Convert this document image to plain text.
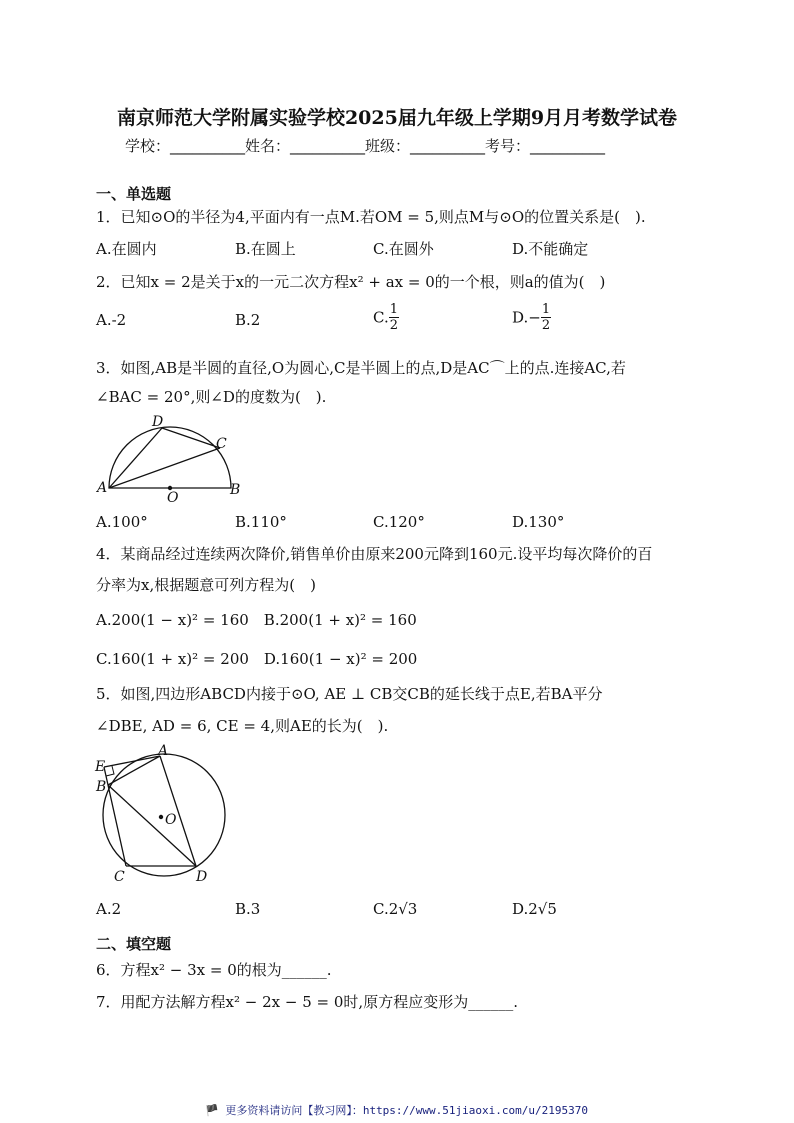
南京师范大学附属实验学校2025届九年级上学期9月月考数学试卷
学校：__________姓名：__________班级：__________考号：__________
一、单选题
1．已知⊙O的半径为4,平面内有一点M.若OM = 5,则点M与⊙O的位置关系是(　).
A.在圆内	B.在圆上	C.在圆外	D.不能确定
2．已知x = 2是关于x的一元二次方程x² + ax = 0的一个根，则a的值为(　)
A.-2	B.2	C. $\frac{1}{2}$	$D.- \frac{1}{2}$
3．如图,AB是半圆的直径,O为圆心,C是半圆上的点,D是AC⌒上的点.连接AC,若
∠BAC = 20°,则∠D的度数为(　).
A	B
C
D
O
A.100°	B.110°	C.120°	D.130°
4．某商品经过连续两次降价,销售单价由原来200元降到160元.设平均每次降价的百
分率为x,根据题意可列方程为(　)
A.200(1 − x)² = 160　B.200(1 + x)² = 160
C.160(1 + x)² = 200　D.160(1 − x)² = 200
5．如图,四边形ABCD内接于⊙O, AE ⊥ CB交CB的延长线于点E,若BA平分
∠DBE, AD = 6, CE = 4,则AE的长为(　).
A
B
C	D
E
O
A.2	B.3	C.2√3	D.2√5
二、填空题
6．方程x² − 3x = 0的根为______.
7．用配方法解方程x² − 2x − 5 = 0时,原方程应变形为______.
🏴 更多资料请访问【教习网】：https://www.51jiaoxi.com/u/2195370
